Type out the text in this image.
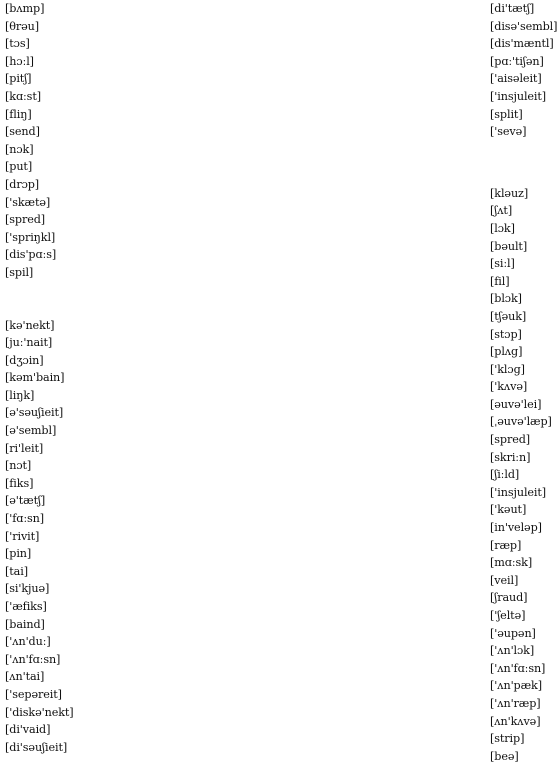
[bʌmp]
[θrəu]
[tɔs]
[hɔːl]
[pitʃ]
[kɑːst]
[fliŋ]
[send]
[nɔk]
[put]
[drɔp]
['skætə]
[spred]
['spriŋkl]
[dis'pɑːs]
[spil]
[kə'nekt]
[juː'nait]
[dʒɔin]
[kəm'bain]
[liŋk]
[ə'səuʃieit]
[ə'sembl]
[ri'leit]
[nɔt]
[fiks]
[ə'tætʃ]
['fɑːsn]
['rivit]
[pin]
[tai]
[si'kjuə]
['æfiks]
[baind]
['ʌn'duː]
['ʌn'fɑːsn]
[ʌn'tai]
['sepəreit]
['diskə'nekt]
[di'vaid]
[di'səuʃieit]
[di'tætʃ]
[disə'sembl]
[dis'mæntl]
[pɑː'tiʃən]
['aisəleit]
['insjuleit]
[split]
['sevə]
[kləuz]
[ʃʌt]
[lɔk]
[bəult]
[siːl]
[fil]
[blɔk]
[tʃəuk]
[stɔp]
[plʌg]
['klɔg]
['kʌvə]
[əuvə'lei]
[ˌəuvə'læp]
[spred]
[skriːn]
[ʃiːld]
['insjuleit]
['kəut]
[in'veləp]
[ræp]
[mɑːsk]
[veil]
[ʃraud]
['ʃeltə]
['əupən]
['ʌn'lɔk]
['ʌn'fɑːsn]
['ʌn'pæk]
['ʌn'ræp]
[ʌn'kʌvə]
[strip]
[beə]
